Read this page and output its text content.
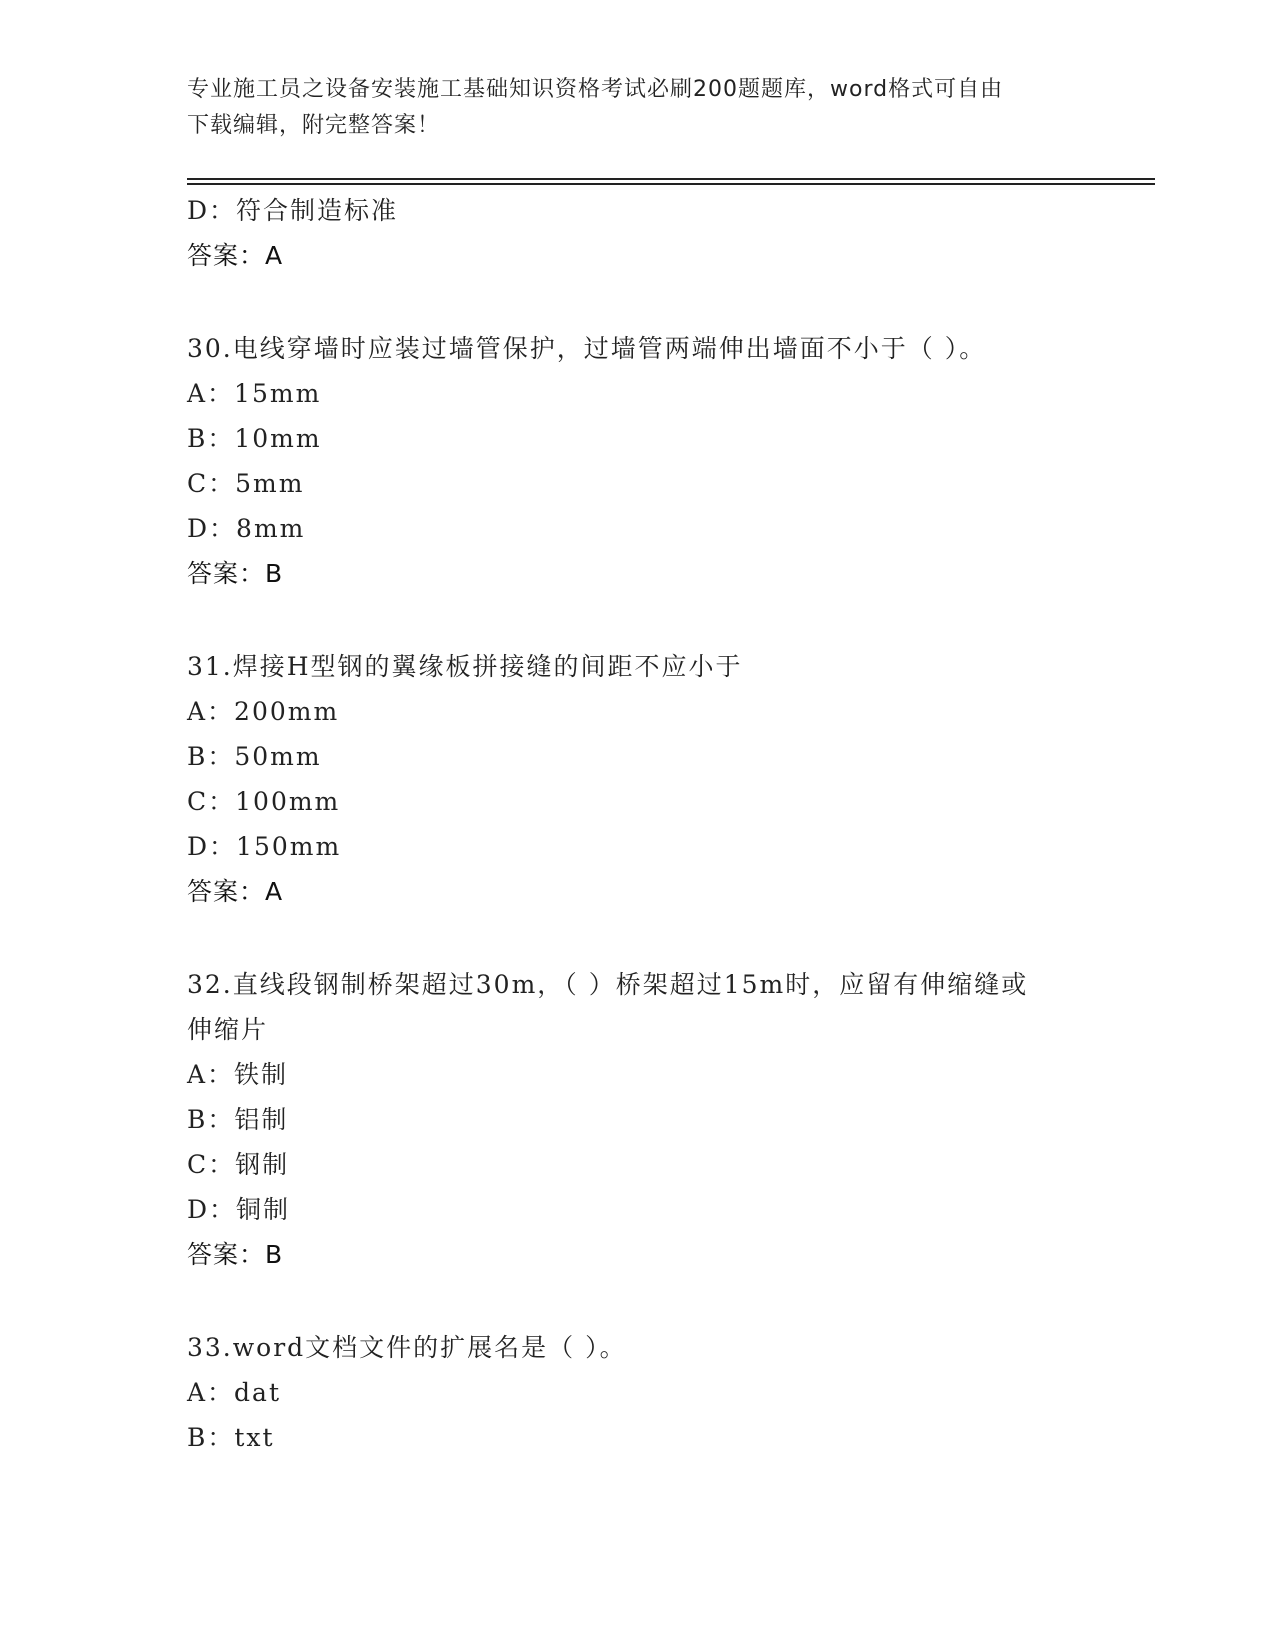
专业施工员之设备安装施工基础知识资格考试必刷200题题库，word格式可自由
下载编辑，附完整答案！
D：符合制造标准
答案：A
30.电线穿墙时应装过墙管保护，过墙管两端伸出墙面不小于（ ）。
A：15mm
B：10mm
C：5mm
D：8mm
答案：B
31.焊接H型钢的翼缘板拼接缝的间距不应小于
A：200mm
B：50mm
C：100mm
D：150mm
答案：A
32.直线段钢制桥架超过30m，（ ）桥架超过15m时，应留有伸缩缝或
伸缩片
A：铁制
B：铝制
C：钢制
D：铜制
答案：B
33.word文档文件的扩展名是（ ）。
A：dat
B：txt
